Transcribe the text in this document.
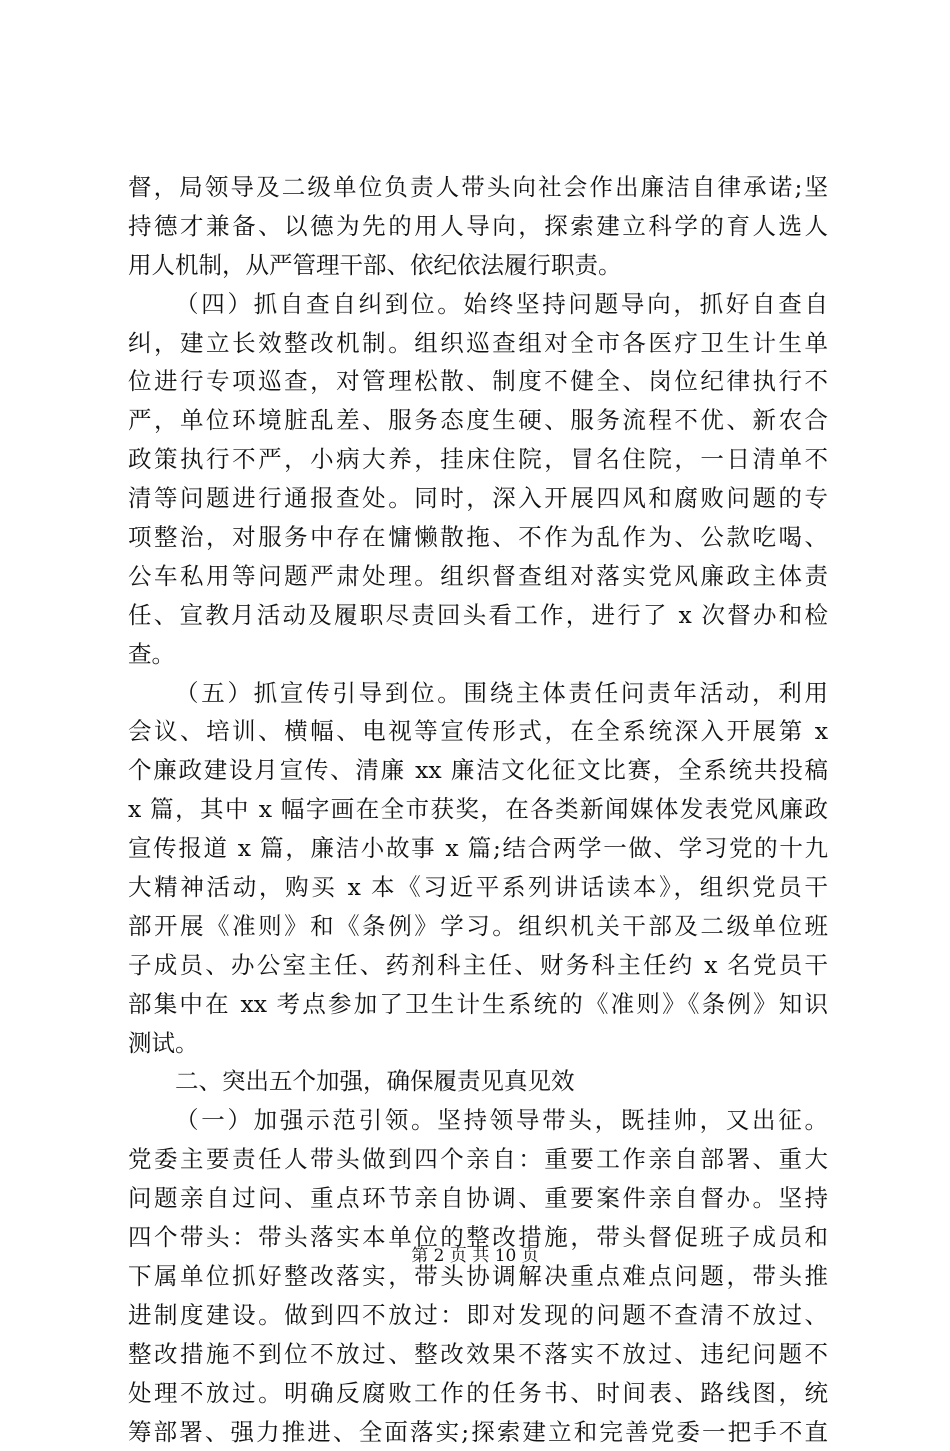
督，局领导及二级单位负责人带头向社会作出廉洁自律承诺;坚
持德才兼备、以德为先的用人导向，探索建立科学的育人选人
用人机制，从严管理干部、依纪依法履行职责。
（四）抓自查自纠到位。始终坚持问题导向，抓好自查自
纠，建立长效整改机制。组织巡查组对全市各医疗卫生计生单
位进行专项巡查，对管理松散、制度不健全、岗位纪律执行不
严，单位环境脏乱差、服务态度生硬、服务流程不优、新农合
政策执行不严，小病大养，挂床住院，冒名住院，一日清单不
清等问题进行通报查处。同时，深入开展四风和腐败问题的专
项整治，对服务中存在慵懒散拖、不作为乱作为、公款吃喝、
公车私用等问题严肃处理。组织督查组对落实党风廉政主体责
任、宣教月活动及履职尽责回头看工作，进行了 x 次督办和检
查。
（五）抓宣传引导到位。围绕主体责任问责年活动，利用
会议、培训、横幅、电视等宣传形式，在全系统深入开展第 x
个廉政建设月宣传、清廉 xx 廉洁文化征文比赛，全系统共投稿
x 篇，其中 x 幅字画在全市获奖，在各类新闻媒体发表党风廉政
宣传报道 x 篇，廉洁小故事 x 篇;结合两学一做、学习党的十九
大精神活动，购买 x 本《习近平系列讲话读本》，组织党员干
部开展《准则》和《条例》学习。组织机关干部及二级单位班
子成员、办公室主任、药剂科主任、财务科主任约 x 名党员干
部集中在 xx 考点参加了卫生计生系统的《准则》《条例》知识
测试。
二、突出五个加强，确保履责见真见效
（一）加强示范引领。坚持领导带头，既挂帅，又出征。
党委主要责任人带头做到四个亲自：重要工作亲自部署、重大
问题亲自过问、重点环节亲自协调、重要案件亲自督办。坚持
四个带头：带头落实本单位的整改措施，带头督促班子成员和
下属单位抓好整改落实，带头协调解决重点难点问题，带头推
进制度建设。做到四不放过：即对发现的问题不查清不放过、
整改措施不到位不放过、整改效果不落实不放过、违纪问题不
处理不放过。明确反腐败工作的任务书、时间表、路线图，统
筹部署、强力推进、全面落实;探索建立和完善党委一把手不直
第 2 页 共 10 页
